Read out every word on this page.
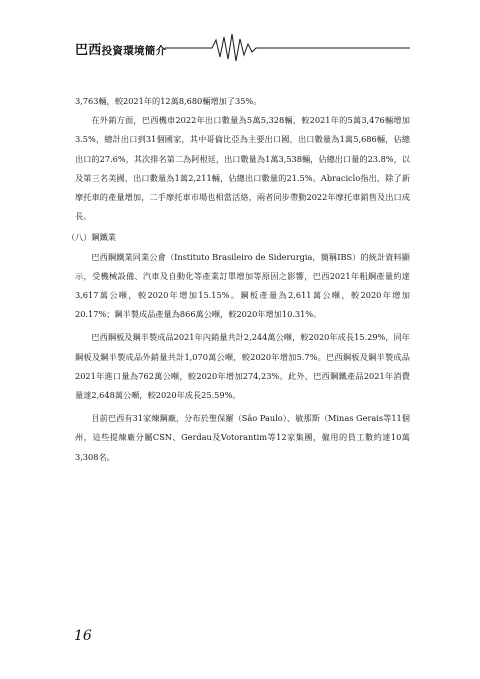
巴西投資環境簡介

3,763輛，較2021年的12萬8,680輛增加了35%。

在外銷方面，巴西機車2022年出口數量為5萬5,328輛，較2021年的5萬3,476輛增加3.5%，總計出口到31個國家，其中哥倫比亞為主要出口國，出口數量為1萬5,686輛，佔總出口的27.6%，其次排名第二為阿根廷，出口數量為1萬3,538輛，佔總出口量的23.8%，以及第三名美國，出口數量為1萬2,211輛，佔總出口數量的21.5%。Abraciclo指出，除了新摩托車的產量增加，二手摩托車市場也相當活絡，兩者同步帶動2022年摩托車銷售及出口成長。

（八）鋼鐵業

巴西鋼鐵業同業公會（Instituto Brasileiro de Siderurgia，簡稱IBS）的統計資料顯示，受機械設備、汽車及自動化等產業訂單增加等原因之影響，巴西2021年粗鋼產量約達3,617萬公噸，較2020年增加15.15%。鋼板產量為2,611萬公噸，較2020年增加20.17%；鋼半製成品產量為866萬公噸，較2020年增加10.31%。

巴西鋼板及鋼半製成品2021年內銷量共計2,244萬公噸，較2020年成長15.29%，同年鋼板及鋼半製成品外銷量共計1,070萬公噸，較2020年增加5.7%。巴西鋼板及鋼半製成品2021年進口量為762萬公噸，較2020年增加274,23%。此外，巴西鋼鐵產品2021年消費量達2,648萬公噸，較2020年成長25.59%。

目前巴西有31家煉鋼廠，分布於聖保羅（São Paulo）、敏那斯（Minas Gerais等11個州，這些提煉廠分屬CSN、Gerdau及Votorantim等12家集團，僱用的員工數約達10萬3,308名。

16
